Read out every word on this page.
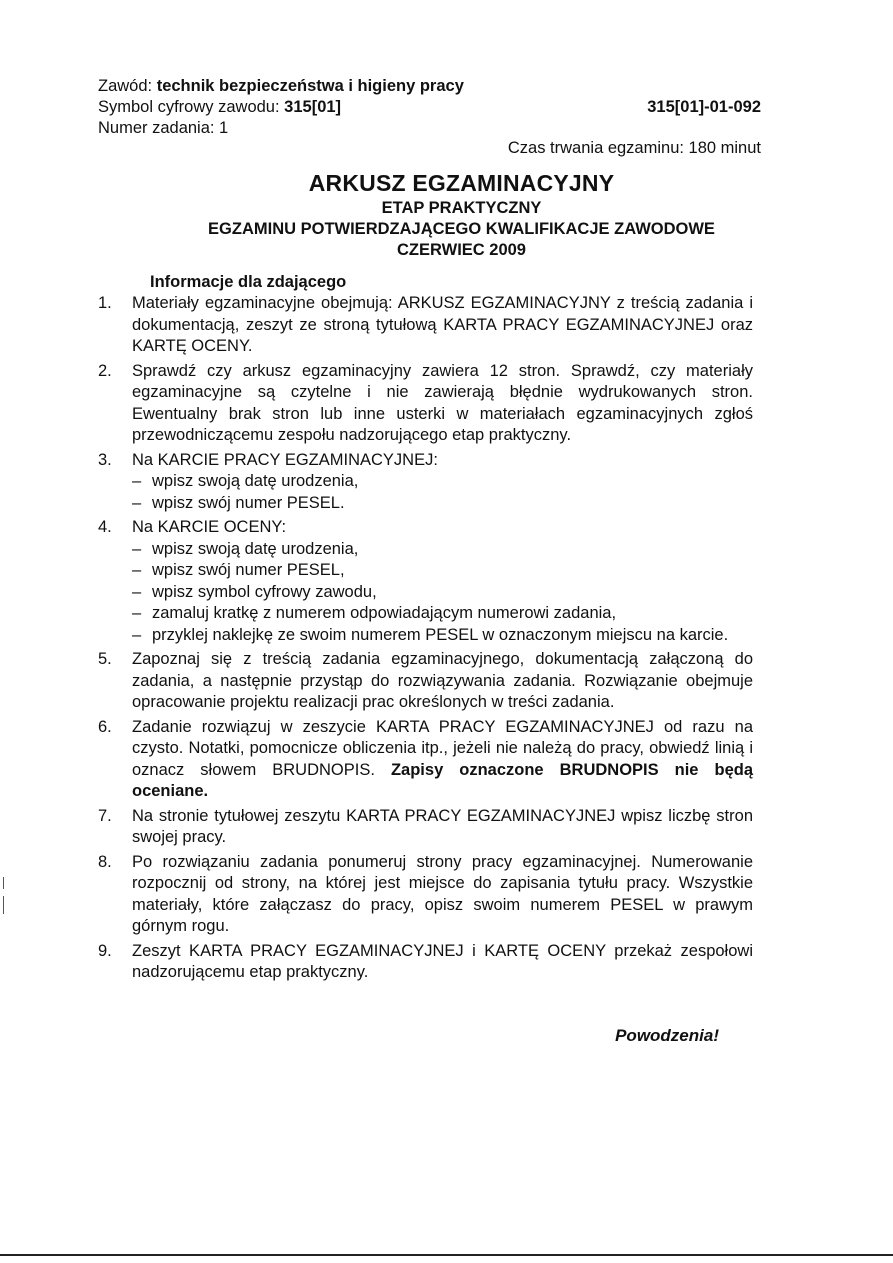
Zawód: technik bezpieczeństwa i higieny pracy
Symbol cyfrowy zawodu: 315[01]
Numer zadania: 1
315[01]-01-092
Czas trwania egzaminu: 180 minut
ARKUSZ EGZAMINACYJNY
ETAP PRAKTYCZNY
EGZAMINU POTWIERDZAJĄCEGO KWALIFIKACJE ZAWODOWE
CZERWIEC 2009
Informacje dla zdającego
1. Materiały egzaminacyjne obejmują: ARKUSZ EGZAMINACYJNY z treścią zadania i dokumentacją, zeszyt ze stroną tytułową KARTA PRACY EGZAMINACYJNEJ oraz KARTĘ OCENY.
2. Sprawdź czy arkusz egzaminacyjny zawiera 12 stron. Sprawdź, czy materiały egzaminacyjne są czytelne i nie zawierają błędnie wydrukowanych stron. Ewentualny brak stron lub inne usterki w materiałach egzaminacyjnych zgłoś przewodniczącemu zespołu nadzorującego etap praktyczny.
3. Na KARCIE PRACY EGZAMINACYJNEJ:
– wpisz swoją datę urodzenia,
– wpisz swój numer PESEL.
4. Na KARCIE OCENY:
– wpisz swoją datę urodzenia,
– wpisz swój numer PESEL,
– wpisz symbol cyfrowy zawodu,
– zamaluj kratkę z numerem odpowiadającym numerowi zadania,
– przyklej naklejkę ze swoim numerem PESEL w oznaczonym miejscu na karcie.
5. Zapoznaj się z treścią zadania egzaminacyjnego, dokumentacją załączoną do zadania, a następnie przystąp do rozwiązywania zadania. Rozwiązanie obejmuje opracowanie projektu realizacji prac określonych w treści zadania.
6. Zadanie rozwiązuj w zeszycie KARTA PRACY EGZAMINACYJNEJ od razu na czysto. Notatki, pomocnicze obliczenia itp., jeżeli nie należą do pracy, obwiedź linią i oznacz słowem BRUDNOPIS. Zapisy oznaczone BRUDNOPIS nie będą oceniane.
7. Na stronie tytułowej zeszytu KARTA PRACY EGZAMINACYJNEJ wpisz liczbę stron swojej pracy.
8. Po rozwiązaniu zadania ponumeruj strony pracy egzaminacyjnej. Numerowanie rozpocznij od strony, na której jest miejsce do zapisania tytułu pracy. Wszystkie materiały, które załączasz do pracy, opisz swoim numerem PESEL w prawym górnym rogu.
9. Zeszyt KARTA PRACY EGZAMINACYJNEJ i KARTĘ OCENY przekaż zespołowi nadzorującemu etap praktyczny.
Powodzenia!
